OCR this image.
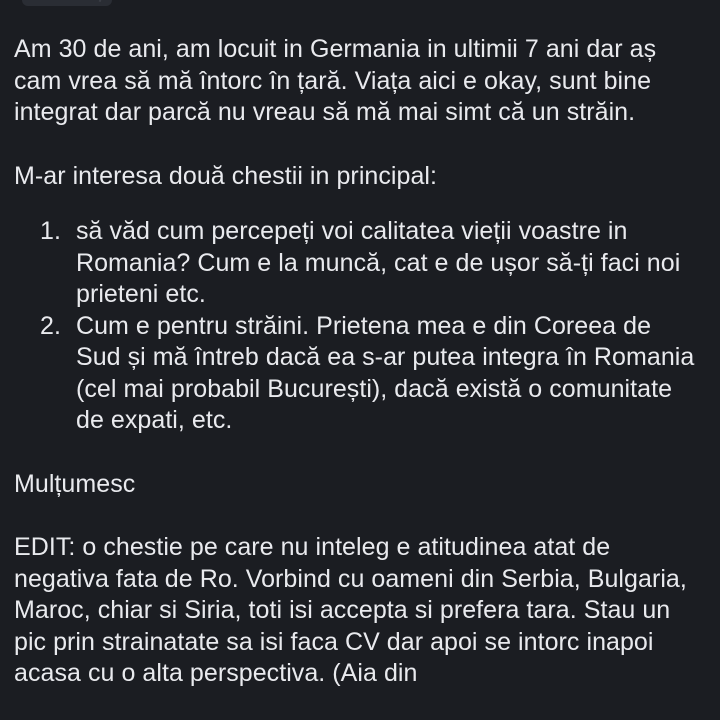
Am 30 de ani, am locuit in Germania in ultimii 7 ani dar aș cam vrea să mă întorc în țară. Viața aici e okay, sunt bine integrat dar parcă nu vreau să mă mai simt că un străin.

M-ar interesa două chestii in principal:

1. să văd cum percepeți voi calitatea vieții voastre in Romania? Cum e la muncă, cat e de ușor să-ți faci noi prieteni etc.
2. Cum e pentru străini. Prietena mea e din Coreea de Sud și mă întreb dacă ea s-ar putea integra în Romania (cel mai probabil București), dacă există o comunitate de expati, etc.

Mulțumesc

EDIT: o chestie pe care nu inteleg e atitudinea atat de negativa fata de Ro. Vorbind cu oameni din Serbia, Bulgaria, Maroc, chiar si Siria, toti isi accepta si prefera tara. Stau un pic prin strainatate sa isi faca CV dar apoi se intorc inapoi acasa cu o alta perspectiva. (Aia din
